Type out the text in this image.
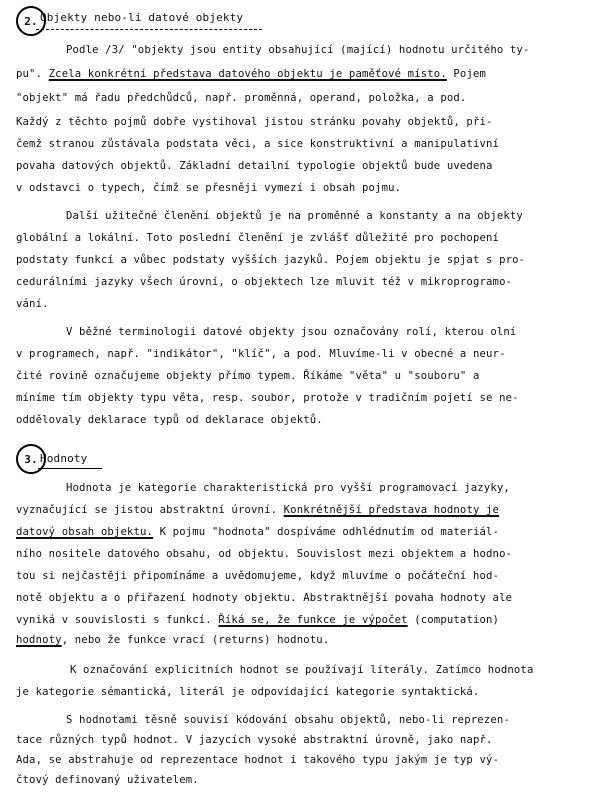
2. Objekty nebo-li datové objekty
Podle /3/ "objekty jsou entity obsahující (mající) hodnotu určitého ty-
pu". Zcela konkrétní představa datového objektu je paměťové místo. Pojem
"objekt" má řadu předchůdců, např. proměnná, operand, položka, a pod.
Každý z těchto pojmů dobře vystihoval jistou stránku povahy objektů, při-
čemž stranou zůstávala podstata věci, a sice konstruktivní a manipulativní
povaha datových objektů. Základní detailní typologie objektů bude uvedena
v odstavci o typech, čímž se přesněji vymezí i obsah pojmu.
Další užitečné členění objektů je na proměnné a konstanty a na objekty
globální a lokální. Toto poslední členění je zvlášť důležité pro pochopení
podstaty funkcí a vůbec podstaty vyšších jazyků. Pojem objektu je spjat s pro-
cedurálními jazyky všech úrovní, o objektech lze mluvit též v mikroprogramo-
vání.
V běžné terminologii datové objekty jsou označovány rolí, kterou olní
v programech, např. "indikátor", "klíč", a pod. Mluvíme-li v obecné a neur-
čité rovině označujeme objekty přímo typem. Říkáme "věta" u "souboru" a
míníme tím objekty typu věta, resp. soubor, protože v tradičním pojetí se ne-
oddělovaly deklarace typů od deklarace objektů.
3. Hodnoty
Hodnota je kategorie charakteristická pro vyšší programovací jazyky,
vyznačující se jistou abstraktní úrovní. Konkrétnější představa hodnoty je
datový obsah objektu. K pojmu "hodnota" dospíváme odhlédnutím od materiál-
ního nositele datového obsahu, od objektu. Souvislost mezi objektem a hodno-
tou si nejčastěji připomínáme a uvědomujeme, když mluvíme o počáteční hod-
notě objektu a o přiřazení hodnoty objektu. Abstraktnější povaha hodnoty ale
vyniká v souvislosti s funkcí. Říká se, že funkce je výpočet (computation)
hodnoty, nebo že funkce vrací (returns) hodnotu.
K označování explicitních hodnot se používají literály. Zatímco hodnota
je kategorie sémantická, literál je odpovídající kategorie syntaktická.
S hodnotami těsně souvisí kódování obsahu objektů, nebo-li reprezen-
tace různých typů hodnot. V jazycích vysoké abstraktní úrovně, jako např.
Ada, se abstrahuje od reprezentace hodnot i takového typu jakým je typ vý-
čtový definovaný uživatelem.
